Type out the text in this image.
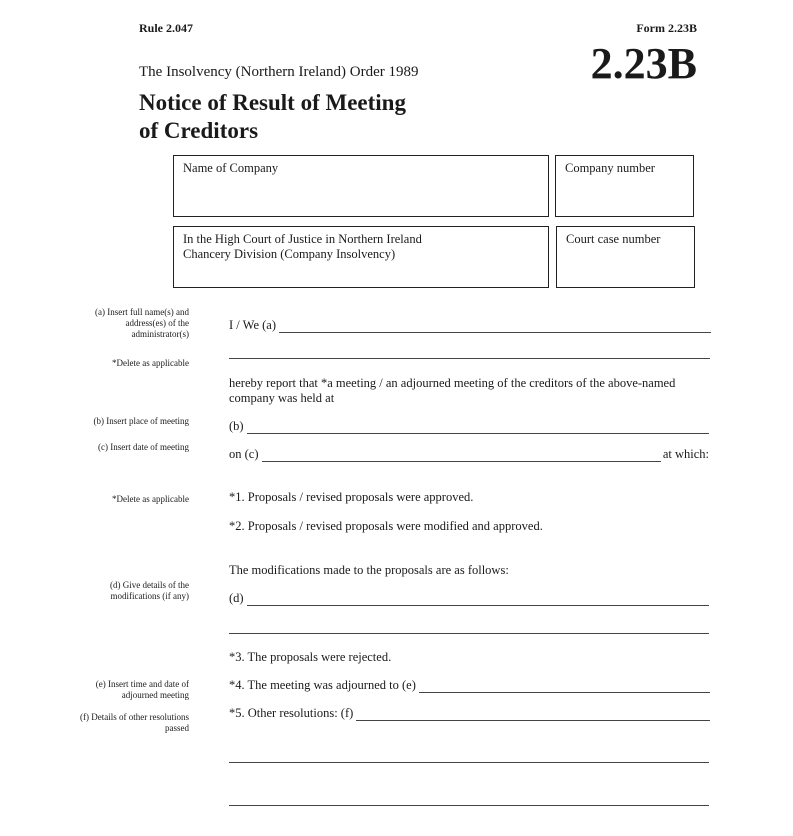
Rule 2.047	Form 2.23B
2.23B
The Insolvency (Northern Ireland) Order 1989
Notice of Result of Meeting
of Creditors
Name of Company	Company number
In the High Court of Justice in Northern Ireland
Chancery Division (Company Insolvency)
Court case number
(a) Insert full name(s) and
address(es) of the
administrator(s)
*Delete as applicable
(b) Insert place of meeting
(c) Insert date of meeting
*Delete as applicable
(d) Give details of the
modifications (if any)
(e) Insert time and date of
adjourned meeting
(f) Details of other resolutions
passed
I / We (a)
hereby report that *a meeting / an adjourned meeting of the creditors of the above-named
company was held at
(b)
on (c)	at which:
*1. Proposals / revised proposals were approved.
*2. Proposals / revised proposals were modified and approved.
The modifications made to the proposals are as follows:
(d)
*3. The proposals were rejected.
*4. The meeting was adjourned to (e)
*5. Other resolutions: (f)
